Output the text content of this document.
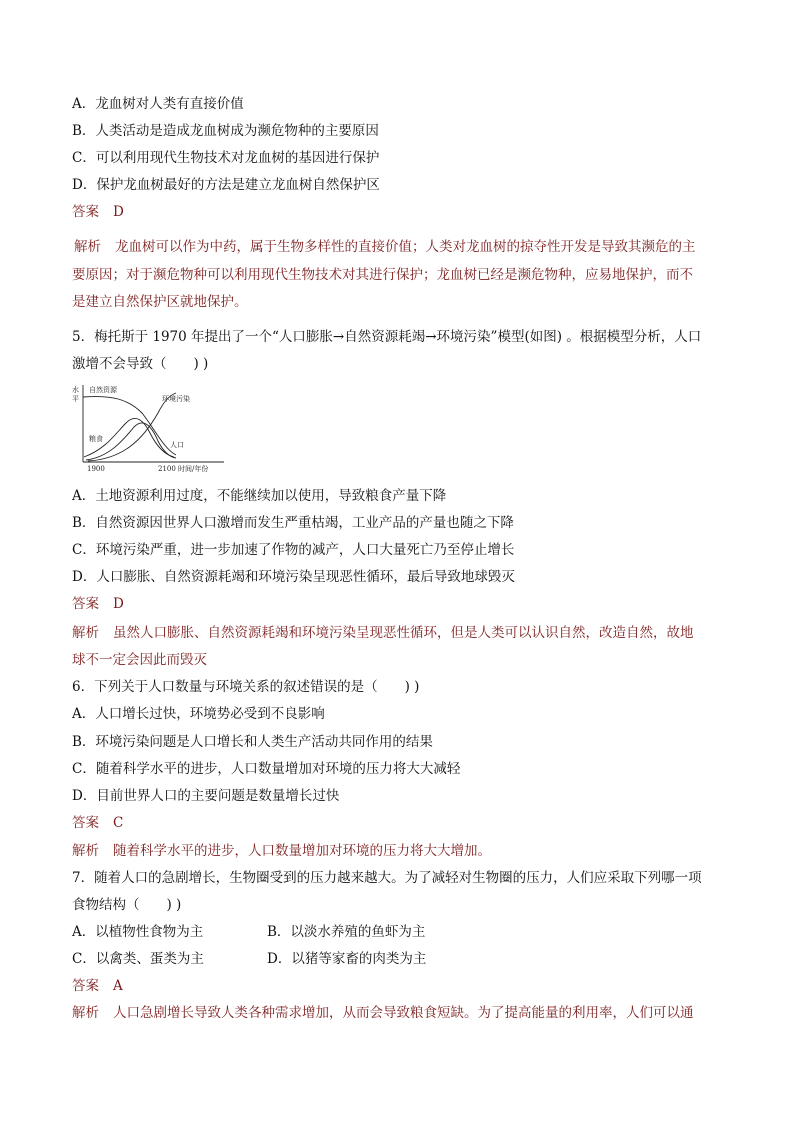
A．龙血树对人类有直接价值
B．人类活动是造成龙血树成为濒危物种的主要原因
C．可以利用现代生物技术对龙血树的基因进行保护
D．保护龙血树最好的方法是建立龙血树自然保护区
答案 D
解析 龙血树可以作为中药，属于生物多样性的直接价值；人类对龙血树的掠夺性开发是导致其濒危的主
要原因；对于濒危物种可以利用现代生物技术对其进行保护；龙血树已经是濒危物种，应易地保护，而不
是建立自然保护区就地保护。
5．梅托斯于 1970 年提出了一个“人口膨胀→自然资源耗竭→环境污染”模型(如图) 。根据模型分析，人口
激增不会导致（　　) )
水
平
自然资源
环境污染
粮食
人口
1900	2100 时间/年份
A．土地资源利用过度，不能继续加以使用，导致粮食产量下降
B．自然资源因世界人口激增而发生严重枯竭，工业产品的产量也随之下降
C．环境污染严重，进一步加速了作物的减产，人口大量死亡乃至停止增长
D．人口膨胀、自然资源耗竭和环境污染呈现恶性循环，最后导致地球毁灭
答案 D
解析 虽然人口膨胀、自然资源耗竭和环境污染呈现恶性循环，但是人类可以认识自然，改造自然，故地
球不一定会因此而毁灭
6．下列关于人口数量与环境关系的叙述错误的是（　　) )
A．人口增长过快，环境势必受到不良影响
B．环境污染问题是人口增长和人类生产活动共同作用的结果
C．随着科学水平的进步，人口数量增加对环境的压力将大大减轻
D．目前世界人口的主要问题是数量增长过快
答案 C
解析 随着科学水平的进步，人口数量增加对环境的压力将大大增加。
7．随着人口的急剧增长，生物圈受到的压力越来越大。为了减轻对生物圈的压力，人们应采取下列哪一项
食物结构（　　) )
A．以植物性食物为主	B．以淡水养殖的鱼虾为主
C．以禽类、蛋类为主	D．以猪等家畜的肉类为主
答案 A
解析 人口急剧增长导致人类各种需求增加，从而会导致粮食短缺。为了提高能量的利用率，人们可以通
